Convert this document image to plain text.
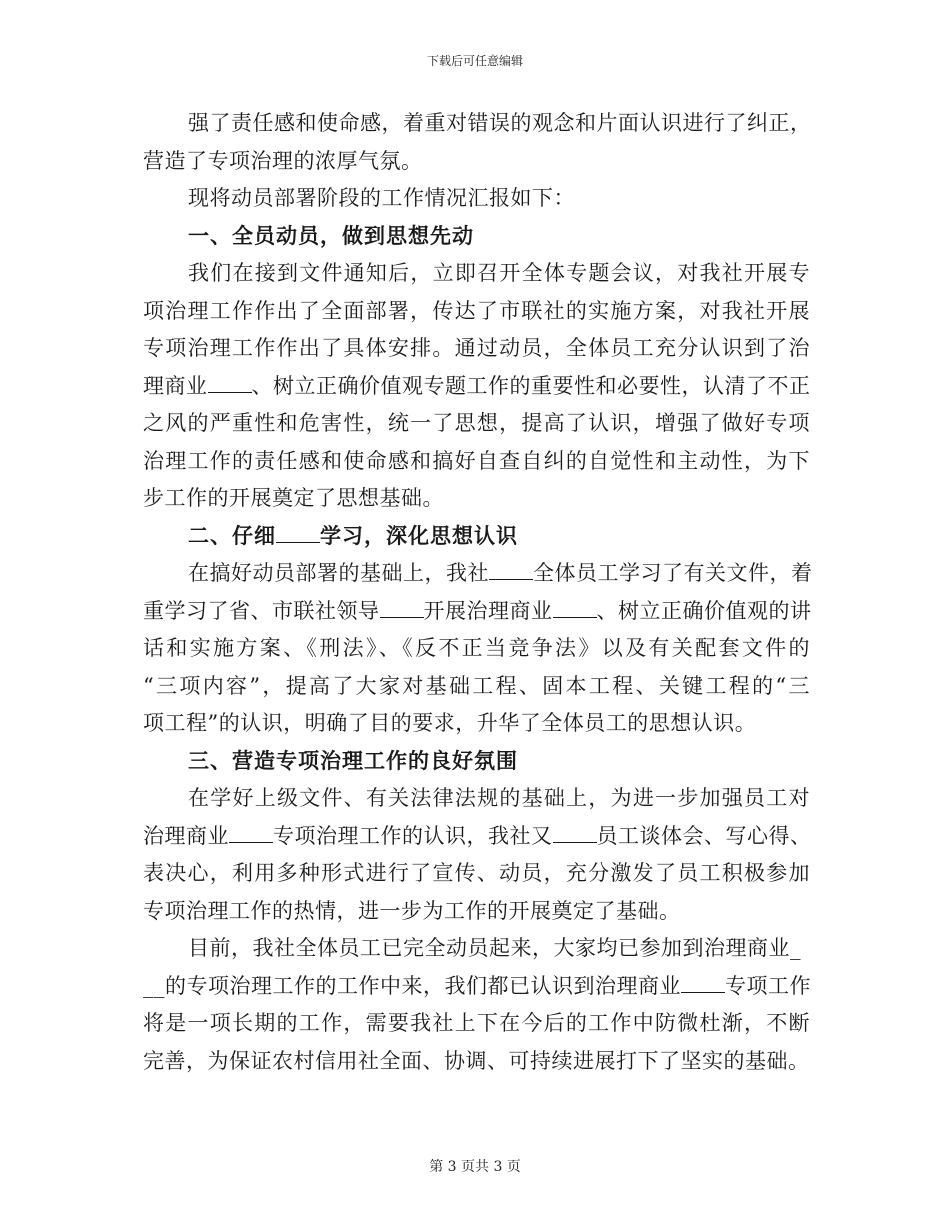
下载后可任意编辑
强了责任感和使命感，着重对错误的观念和片面认识进行了纠正，
营造了专项治理的浓厚气氛。
现将动员部署阶段的工作情况汇报如下：
一、全员动员，做到思想先动
我们在接到文件通知后，立即召开全体专题会议，对我社开展专
项治理工作作出了全面部署，传达了市联社的实施方案，对我社开展
专项治理工作作出了具体安排。通过动员，全体员工充分认识到了治
理商业 、树立正确价值观专题工作的重要性和必要性，认清了不正
之风的严重性和危害性，统一了思想，提高了认识，增强了做好专项
治理工作的责任感和使命感和搞好自查自纠的自觉性和主动性，为下
步工作的开展奠定了思想基础。
二、仔细 学习，深化思想认识
在搞好动员部署的基础上，我社 全体员工学习了有关文件，着
重学习了省、市联社领导 开展治理商业 、树立正确价值观的讲
话和实施方案、《刑法》、《反不正当竞争法》以及有关配套文件的
“三项内容”，提高了大家对基础工程、固本工程、关键工程的“三
项工程”的认识，明确了目的要求，升华了全体员工的思想认识。
三、营造专项治理工作的良好氛围
在学好上级文件、有关法律法规的基础上，为进一步加强员工对
治理商业 专项治理工作的认识，我社又 员工谈体会、写心得、
表决心，利用多种形式进行了宣传、动员，充分激发了员工积极参加
专项治理工作的热情，进一步为工作的开展奠定了基础。
目前，我社全体员工已完全动员起来，大家均已参加到治理商业_
__的专项治理工作的工作中来，我们都已认识到治理商业 专项工作
将是一项长期的工作，需要我社上下在今后的工作中防微杜渐，不断
完善，为保证农村信用社全面、协调、可持续进展打下了坚实的基础。
第 3 页共 3 页
